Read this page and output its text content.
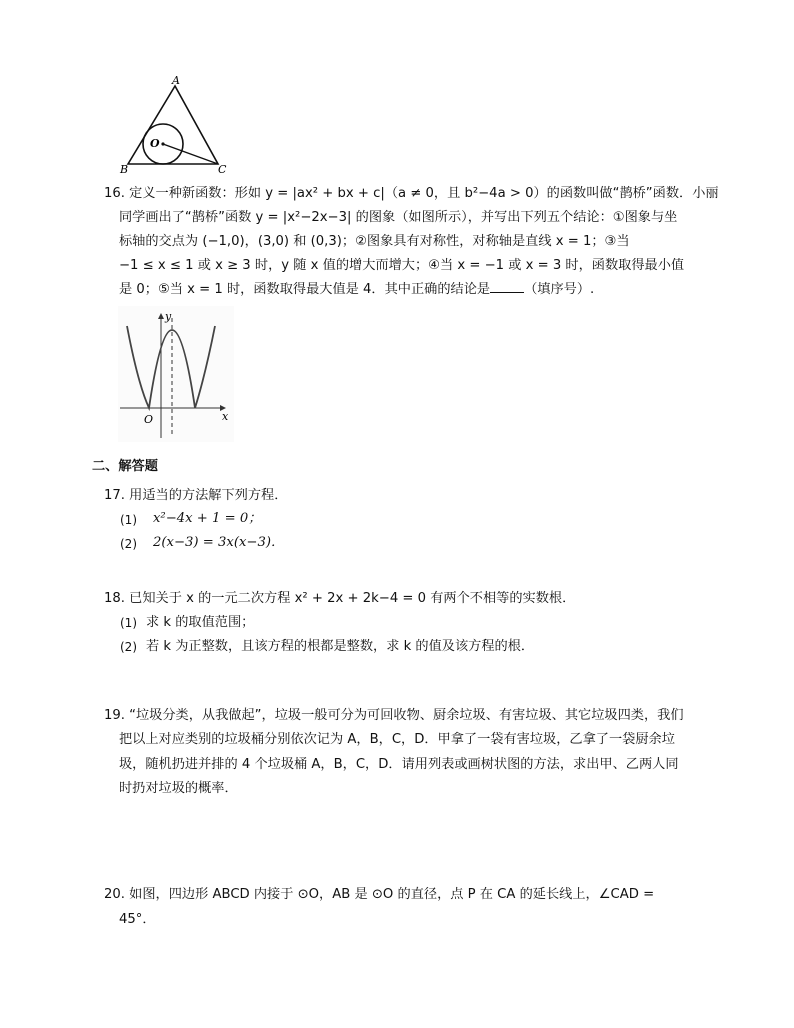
A
B	C
O
16. 定义一种新函数：形如 y = |ax² + bx + c|（a ≠ 0，且 b²−4a > 0）的函数叫做“鹊桥”函数．小丽
同学画出了“鹊桥”函数 y = |x²−2x−3| 的图象（如图所示），并写出下列五个结论：①图象与坐
标轴的交点为 (−1,0)，(3,0) 和 (0,3)；②图象具有对称性，对称轴是直线 x = 1；③当
−1 ≤ x ≤ 1 或 x ≥ 3 时，y 随 x 值的增大而增大；④当 x = −1 或 x = 3 时，函数取得最小值
是 0；⑤当 x = 1 时，函数取得最大值是 4．其中正确的结论是	（填序号）.
y
x
O
二、解答题
17. 用适当的方法解下列方程．
(1) x²−4x + 1 = 0；
(2) 2(x−3) = 3x(x−3)．
18. 已知关于 x 的一元二次方程 x² + 2x + 2k−4 = 0 有两个不相等的实数根．
(1) 求 k 的取值范围；
(2) 若 k 为正整数，且该方程的根都是整数，求 k 的值及该方程的根．
19. “垃圾分类，从我做起”，垃圾一般可分为可回收物、厨余垃圾、有害垃圾、其它垃圾四类，我们
把以上对应类别的垃圾桶分别依次记为 A，B，C，D．甲拿了一袋有害垃圾，乙拿了一袋厨余垃
圾，随机扔进并排的 4 个垃圾桶 A，B，C，D．请用列表或画树状图的方法，求出甲、乙两人同
时扔对垃圾的概率．
20. 如图，四边形 ABCD 内接于 ⊙O，AB 是 ⊙O 的直径，点 P 在 CA 的延长线上，∠CAD =
45°．
